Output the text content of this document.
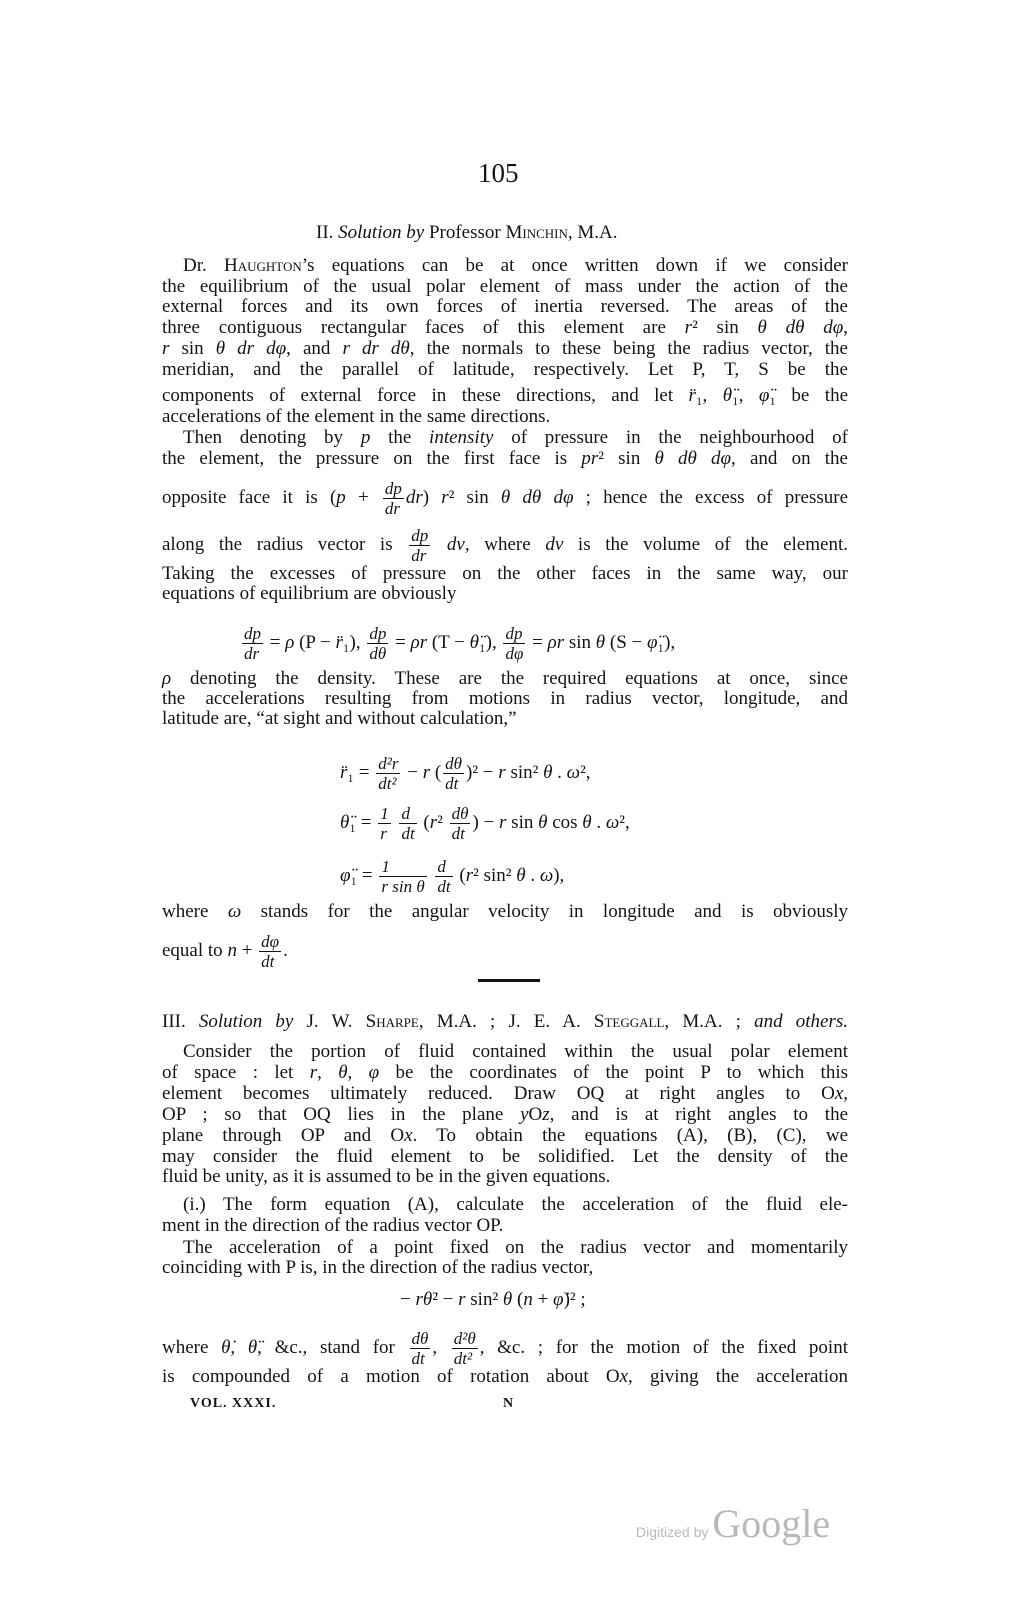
105
II. Solution by Professor Minchin, M.A.
Dr. Haughton’s equations can be at once written down if we consider
the equilibrium of the usual polar element of mass under the action of the
external forces and its own forces of inertia reversed. The areas of the
three contiguous rectangular faces of this element are r² sin θ dθ dφ,
r sin θ dr dφ, and r dr dθ, the normals to these being the radius vector, the
meridian, and the parallel of latitude, respectively. Let P, T, S be the
components of external force in these directions, and let r̈₁, θ̈₁, φ̈₁ be the
accelerations of the element in the same directions.
Then denoting by p the intensity of pressure in the neighbourhood of
the element, the pressure on the first face is pr² sin θ dθ dφ, and on the
opposite face it is $(p + \frac{dp}{dr} dr)$ r² sin θ dθ dφ ; hence the excess of pressure
along the radius vector is $\frac{dp}{dr}$ dv, where dv is the volume of the element.
Taking the excesses of pressure on the other faces in the same way, our
equations of equilibrium are obviously
$\frac{dp}{dr} = \rho$ (P − r̈₁), $\frac{dp}{d\theta} = \rho r$ (T − θ̈₁), $\frac{dp}{d\varphi} = \rho r$ sin θ (S − φ̈₁),
ρ denoting the density. These are the required equations at once, since
the accelerations resulting from motions in radius vector, longitude, and
latitude are, “at sight and without calculation,”
r̈₁ = $\frac{\text{d²r}}{\text{dt²}} - r$ ( $\frac{d\theta}{dt} )^2 - r$ sin² θ . ω²,
θ̈₁ = $\frac{1}{r}$
$\frac{d}{dt} (r^2 \frac{d\theta}{dt}$ ) − r sin θ cos θ . ω²,
φ̈₁ = $\frac{1}{\text{r sin θ}}$
$\frac{d}{dt} (r^2$ sin² θ . ω),
where ω stands for the angular velocity in longitude and is obviously
equal to $n + \frac{d\varphi}{dt}$ .
III. Solution by J. W. Sharpe, M.A. ; J. E. A. Steggall, M.A. ; and others.
Consider the portion of fluid contained within the usual polar element
of space : let r, θ, φ be the coordinates of the point P to which this
element becomes ultimately reduced. Draw OQ at right angles to Ox,
OP ; so that OQ lies in the plane yOz, and is at right angles to the
plane through OP and Ox. To obtain the equations (A), (B), (C), we
may consider the fluid element to be solidified. Let the density of the
fluid be unity, as it is assumed to be in the given equations.
(i.) The form equation (A), calculate the acceleration of the fluid ele-
ment in the direction of the radius vector OP.
The acceleration of a point fixed on the radius vector and momentarily
coinciding with P is, in the direction of the radius vector,
− rθ̇² − r sin² θ (n + φ̇)² ;
where θ̇, θ̈, &c., stand for $\frac{d\theta}{dt}$ , $\frac{\text{d²θ}}{\text{dt²}}$ , &c. ; for the motion of the fixed point
is compounded of a motion of rotation about Ox, giving the acceleration
VOL. XXXI.	N
Digitized by Google
